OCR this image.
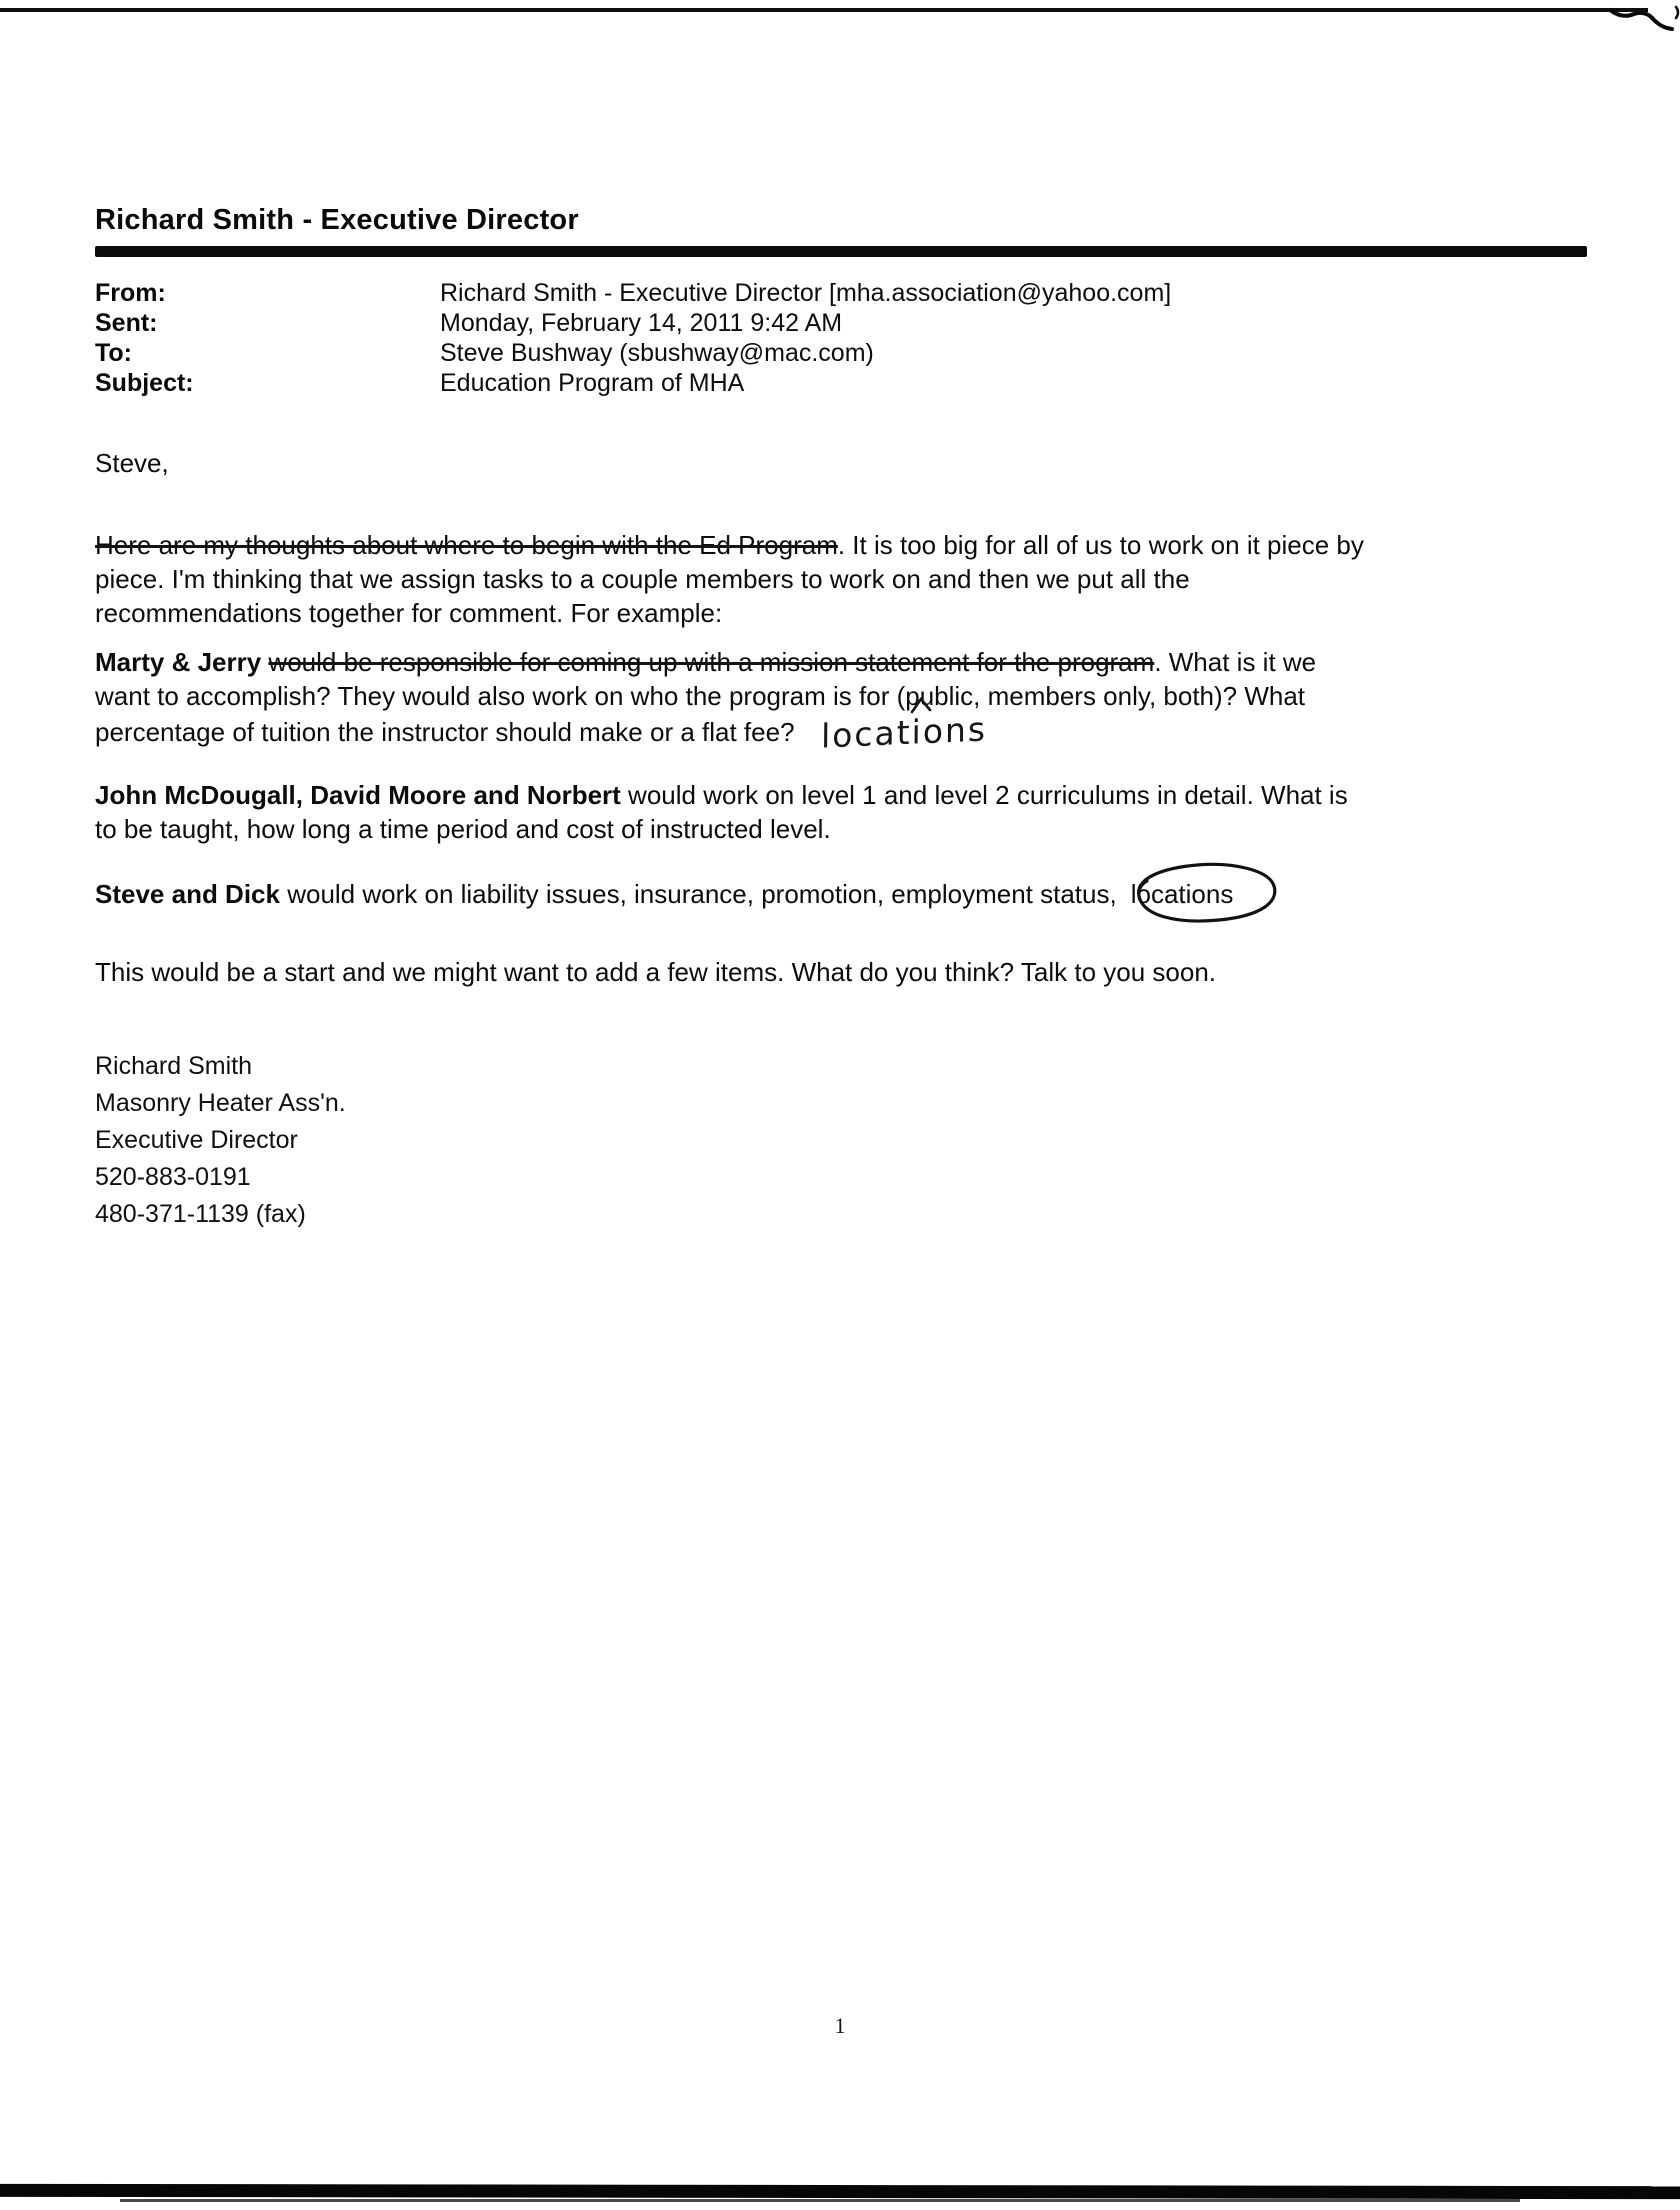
Richard Smith - Executive Director
From:	Richard Smith - Executive Director [mha.association@yahoo.com]
Sent:	Monday, February 14, 2011 9:42 AM
To:	Steve Bushway (sbushway@mac.com)
Subject:	Education Program of MHA
Steve,

Here are my thoughts about where to begin with the Ed Program. It is too big for all of us to work on it piece by
piece. I'm thinking that we assign tasks to a couple members to work on and then we put all the
recommendations together for comment. For example:

Marty & Jerry would be responsible for coming up with a mission statement for the program. What is it we
want to accomplish? They would also work on who the program is for (public, members only, both)? What
percentage of tuition the instructor should make or a flat fee? locations

John McDougall, David Moore and Norbert would work on level 1 and level 2 curriculums in detail. What is
to be taught, how long a time period and cost of instructed level.

Steve and Dick would work on liability issues, insurance, promotion, employment status, locations

This would be a start and we might want to add a few items. What do you think? Talk to you soon.

Richard Smith
Masonry Heater Ass'n.
Executive Director
520-883-0191
480-371-1139 (fax)
1
